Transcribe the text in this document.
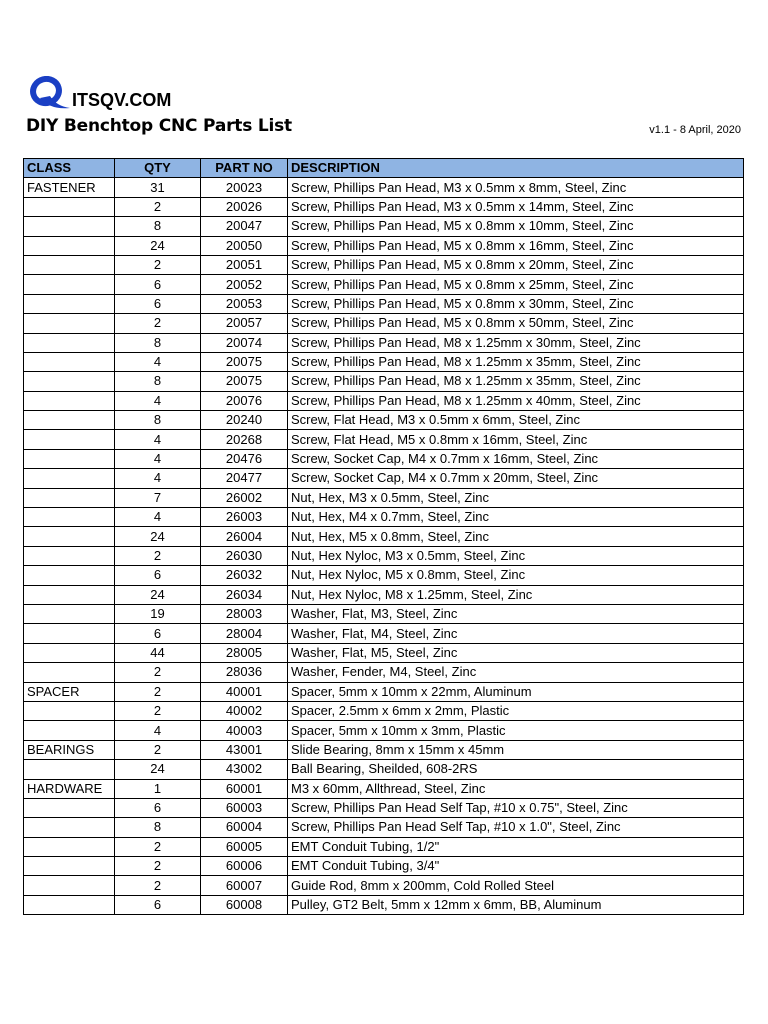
ITSQV.COM
DIY Benchtop CNC Parts List	v1.1 - 8 April, 2020
CLASS	QTY	PART NO	DESCRIPTION
FASTENER	31	20023	Screw, Phillips Pan Head, M3 x 0.5mm x 8mm, Steel, Zinc
	2	20026	Screw, Phillips Pan Head, M3 x 0.5mm x 14mm, Steel, Zinc
	8	20047	Screw, Phillips Pan Head, M5 x 0.8mm x 10mm, Steel, Zinc
	24	20050	Screw, Phillips Pan Head, M5 x 0.8mm x 16mm, Steel, Zinc
	2	20051	Screw, Phillips Pan Head, M5 x 0.8mm x 20mm, Steel, Zinc
	6	20052	Screw, Phillips Pan Head, M5 x 0.8mm x 25mm, Steel, Zinc
	6	20053	Screw, Phillips Pan Head, M5 x 0.8mm x 30mm, Steel, Zinc
	2	20057	Screw, Phillips Pan Head, M5 x 0.8mm x 50mm, Steel, Zinc
	8	20074	Screw, Phillips Pan Head, M8 x 1.25mm x 30mm, Steel, Zinc
	4	20075	Screw, Phillips Pan Head, M8 x 1.25mm x 35mm, Steel, Zinc
	8	20075	Screw, Phillips Pan Head, M8 x 1.25mm x 35mm, Steel, Zinc
	4	20076	Screw, Phillips Pan Head, M8 x 1.25mm x 40mm, Steel, Zinc
	8	20240	Screw, Flat Head, M3 x 0.5mm x 6mm, Steel, Zinc
	4	20268	Screw, Flat Head, M5 x 0.8mm x 16mm, Steel, Zinc
	4	20476	Screw, Socket Cap, M4 x 0.7mm x 16mm, Steel, Zinc
	4	20477	Screw, Socket Cap, M4 x 0.7mm x 20mm, Steel, Zinc
	7	26002	Nut, Hex, M3 x 0.5mm, Steel, Zinc
	4	26003	Nut, Hex, M4 x 0.7mm, Steel, Zinc
	24	26004	Nut, Hex, M5 x 0.8mm, Steel, Zinc
	2	26030	Nut, Hex Nyloc, M3 x 0.5mm, Steel, Zinc
	6	26032	Nut, Hex Nyloc, M5 x 0.8mm, Steel, Zinc
	24	26034	Nut, Hex Nyloc, M8 x 1.25mm, Steel, Zinc
	19	28003	Washer, Flat, M3, Steel, Zinc
	6	28004	Washer, Flat, M4, Steel, Zinc
	44	28005	Washer, Flat, M5, Steel, Zinc
	2	28036	Washer, Fender, M4, Steel, Zinc
SPACER	2	40001	Spacer, 5mm x 10mm x 22mm, Aluminum
	2	40002	Spacer, 2.5mm x 6mm x 2mm, Plastic
	4	40003	Spacer, 5mm x 10mm x 3mm, Plastic
BEARINGS	2	43001	Slide Bearing, 8mm x 15mm x 45mm
	24	43002	Ball Bearing, Sheilded, 608-2RS
HARDWARE	1	60001	M3 x 60mm, Allthread, Steel, Zinc
	6	60003	Screw, Phillips Pan Head Self Tap, #10 x 0.75", Steel, Zinc
	8	60004	Screw, Phillips Pan Head Self Tap, #10 x 1.0", Steel, Zinc
	2	60005	EMT Conduit Tubing, 1/2"
	2	60006	EMT Conduit Tubing, 3/4"
	2	60007	Guide Rod, 8mm x 200mm, Cold Rolled Steel
	6	60008	Pulley, GT2 Belt, 5mm x 12mm x 6mm, BB, Aluminum
